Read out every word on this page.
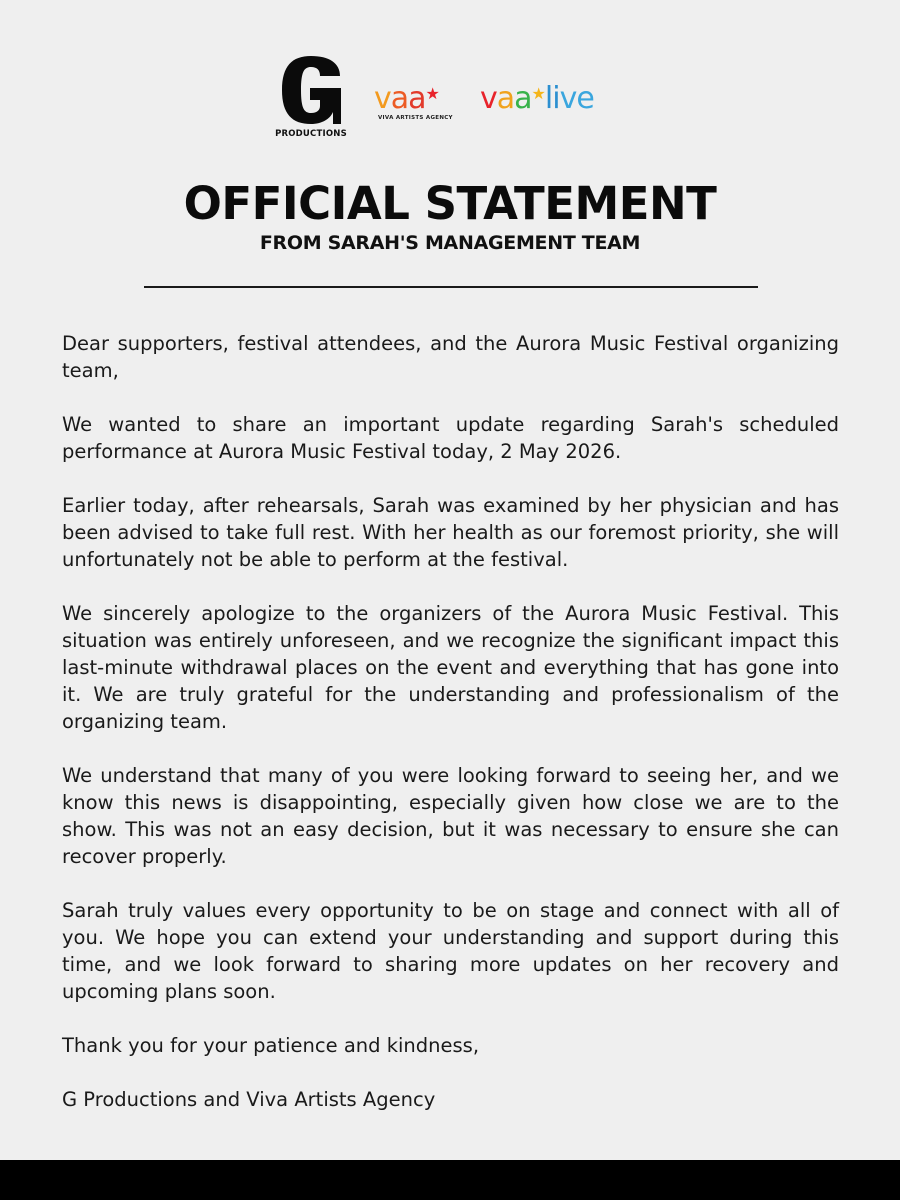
PRODUCTIONS
vaa★
VIVA ARTISTS AGENCY
vaa★live
OFFICIAL STATEMENT
FROM SARAH'S MANAGEMENT TEAM

Dear supporters, festival attendees, and the Aurora Music Festival organizing team,

We wanted to share an important update regarding Sarah's scheduled performance at Aurora Music Festival today, 2 May 2026.

Earlier today, after rehearsals, Sarah was examined by her physician and has been advised to take full rest. With her health as our foremost priority, she will unfortunately not be able to perform at the festival.

We sincerely apologize to the organizers of the Aurora Music Festival. This situation was entirely unforeseen, and we recognize the significant impact this last-minute withdrawal places on the event and everything that has gone into it. We are truly grateful for the understanding and professionalism of the organizing team.

We understand that many of you were looking forward to seeing her, and we know this news is disappointing, especially given how close we are to the show. This was not an easy decision, but it was necessary to ensure she can recover properly.

Sarah truly values every opportunity to be on stage and connect with all of you. We hope you can extend your understanding and support during this time, and we look forward to sharing more updates on her recovery and upcoming plans soon.

Thank you for your patience and kindness,

G Productions and Viva Artists Agency
